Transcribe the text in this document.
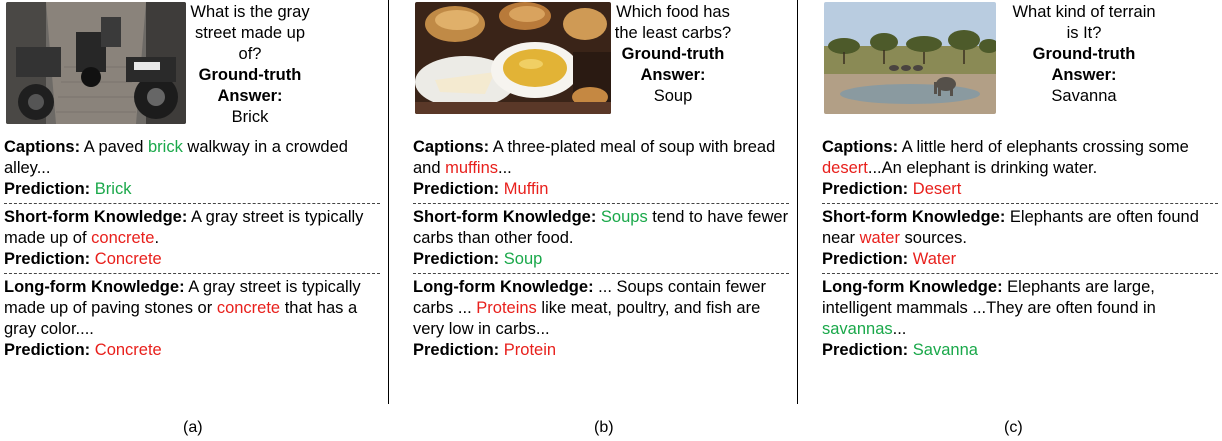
What is the gray street made up of?
Ground-truth Answer:
Brick
Captions: A paved brick walkway in a crowded alley...
Prediction: Brick
Short-form Knowledge: A gray street is typically made up of concrete.
Prediction: Concrete
Long-form Knowledge: A gray street is typically made up of paving stones or concrete that has a gray color....
Prediction: Concrete
Which food has the least carbs?
Ground-truth Answer:
Soup
Captions: A three-plated meal of soup with bread and muffins...
Prediction: Muffin
Short-form Knowledge: Soups tend to have fewer carbs than other food.
Prediction: Soup
Long-form Knowledge: ... Soups contain fewer carbs ... Proteins like meat, poultry, and fish are very low in carbs...
Prediction: Protein
What kind of terrain is It?
Ground-truth Answer:
Savanna
Captions: A little herd of elephants crossing some desert...An elephant is drinking water.
Prediction: Desert
Short-form Knowledge: Elephants are often found near water sources.
Prediction: Water
Long-form Knowledge: Elephants are large, intelligent mammals ...They are often found in savannas...
Prediction: Savanna
(a)	(b)	(c)
